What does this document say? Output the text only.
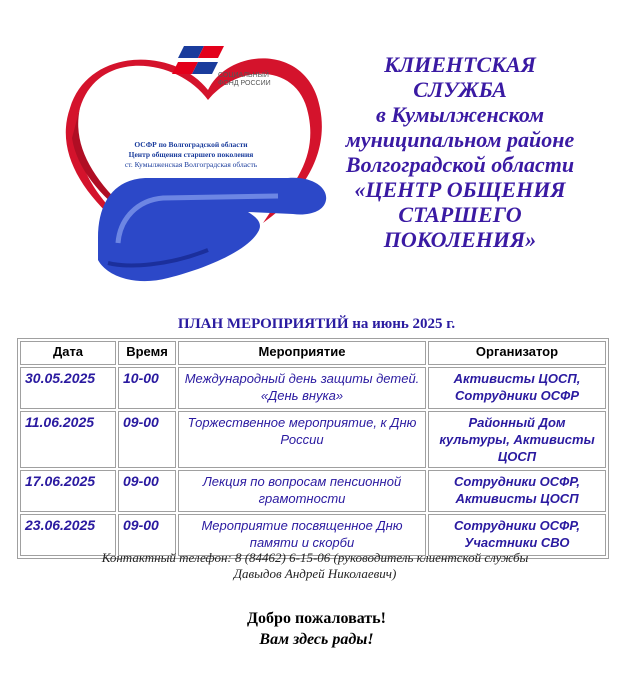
СОЦИАЛЬНЫЙ
ФОНД РОССИИ
ОСФР по Волгоградской области
Центр общения старшего поколения
ст. Кумылженская Волгоградская область
КЛИЕНТСКАЯ
СЛУЖБА
в Кумылженском
муниципальном районе
Волгоградской области
«ЦЕНТР ОБЩЕНИЯ
СТАРШЕГО
ПОКОЛЕНИЯ»
ПЛАН МЕРОПРИЯТИЙ на июнь 2025 г.
Дата	Время	Мероприятие	Организатор
30.05.2025	10-00	Международный день защиты детей. «День внука»	Активисты ЦОСП, Сотрудники ОСФР
11.06.2025	09-00	Торжественное мероприятие, к Дню России	Районный Дом культуры, Активисты ЦОСП
17.06.2025	09-00	Лекция по вопросам пенсионной грамотности	Сотрудники ОСФР, Активисты ЦОСП
23.06.2025	09-00	Мероприятие посвященное Дню памяти и скорби	Сотрудники ОСФР, Участники СВО
Контактный телефон: 8 (84462) 6-15-06 (руководитель клиентской службы
Давыдов Андрей Николаевич)
Добро пожаловать!
Вам здесь рады!
